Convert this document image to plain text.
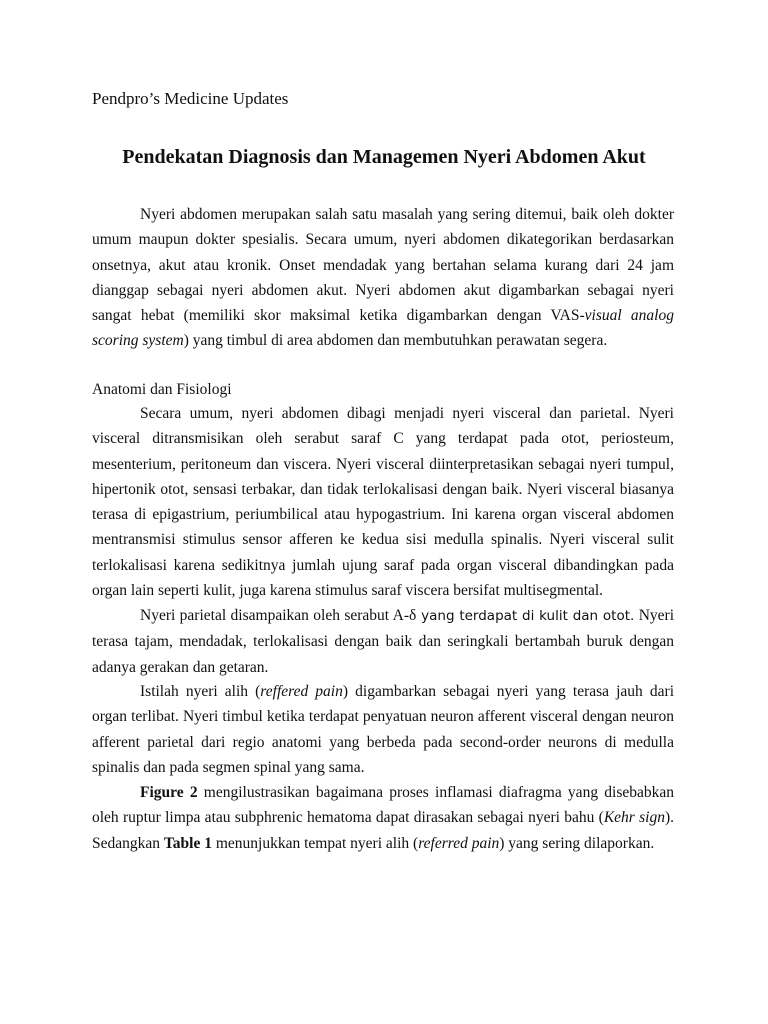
Pendpro’s Medicine Updates
Pendekatan Diagnosis dan Managemen Nyeri Abdomen Akut

Nyeri abdomen merupakan salah satu masalah yang sering ditemui, baik oleh dokter umum maupun dokter spesialis. Secara umum, nyeri abdomen dikategorikan berdasarkan onsetnya, akut atau kronik. Onset mendadak yang bertahan selama kurang dari 24 jam dianggap sebagai nyeri abdomen akut. Nyeri abdomen akut digambarkan sebagai nyeri sangat hebat (memiliki skor maksimal ketika digambarkan dengan VAS-visual analog scoring system) yang timbul di area abdomen dan membutuhkan perawatan segera.

Anatomi dan Fisiologi

Secara umum, nyeri abdomen dibagi menjadi nyeri visceral dan parietal. Nyeri visceral ditransmisikan oleh serabut saraf C yang terdapat pada otot, periosteum, mesenterium, peritoneum dan viscera. Nyeri visceral diinterpretasikan sebagai nyeri tumpul, hipertonik otot, sensasi terbakar, dan tidak terlokalisasi dengan baik. Nyeri visceral biasanya terasa di epigastrium, periumbilical atau hypogastrium. Ini karena organ visceral abdomen mentransmisi stimulus sensor afferen ke kedua sisi medulla spinalis. Nyeri visceral sulit terlokalisasi karena sedikitnya jumlah ujung saraf pada organ visceral dibandingkan pada organ lain seperti kulit, juga karena stimulus saraf viscera bersifat multisegmental.

Nyeri parietal disampaikan oleh serabut A-δ yang terdapat di kulit dan otot. Nyeri terasa tajam, mendadak, terlokalisasi dengan baik dan seringkali bertambah buruk dengan adanya gerakan dan getaran.

Istilah nyeri alih (reffered pain) digambarkan sebagai nyeri yang terasa jauh dari organ terlibat. Nyeri timbul ketika terdapat penyatuan neuron afferent visceral dengan neuron afferent parietal dari regio anatomi yang berbeda pada second-order neurons di medulla spinalis dan pada segmen spinal yang sama.

Figure 2 mengilustrasikan bagaimana proses inflamasi diafragma yang disebabkan oleh ruptur limpa atau subphrenic hematoma dapat dirasakan sebagai nyeri bahu (Kehr sign). Sedangkan Table 1 menunjukkan tempat nyeri alih (referred pain) yang sering dilaporkan.
